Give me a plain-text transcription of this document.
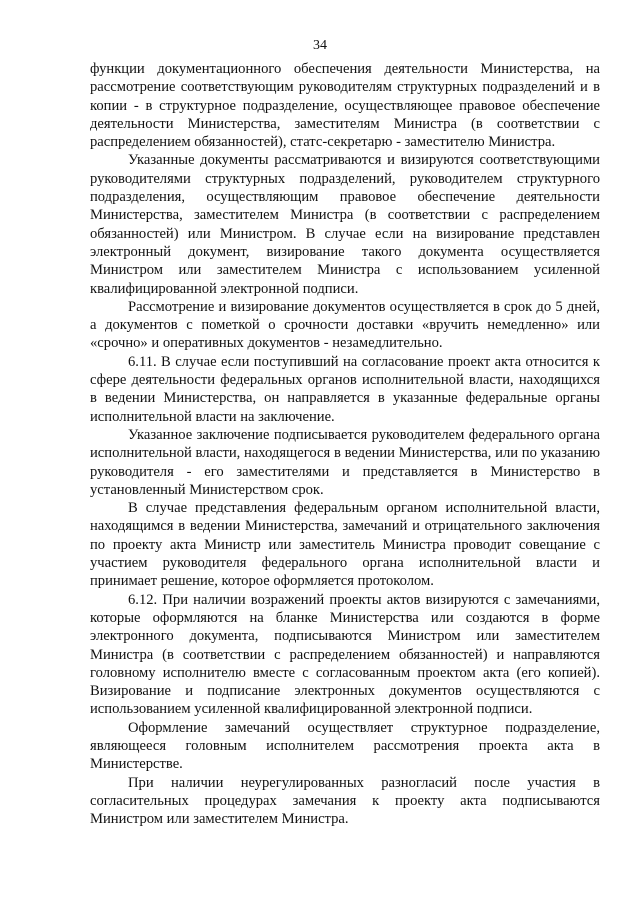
34

функции документационного обеспечения деятельности Министерства, на рассмотрение соответствующим руководителям структурных подразделений и в копии - в структурное подразделение, осуществляющее правовое обеспечение деятельности Министерства, заместителям Министра (в соответствии с распределением обязанностей), статс-секретарю - заместителю Министра.

Указанные документы рассматриваются и визируются соответствующими руководителями структурных подразделений, руководителем структурного подразделения, осуществляющим правовое обеспечение деятельности Министерства, заместителем Министра (в соответствии с распределением обязанностей) или Министром. В случае если на визирование представлен электронный документ, визирование такого документа осуществляется Министром или заместителем Министра с использованием усиленной квалифицированной электронной подписи.

Рассмотрение и визирование документов осуществляется в срок до 5 дней, а документов с пометкой о срочности доставки «вручить немедленно» или «срочно» и оперативных документов - незамедлительно.

6.11. В случае если поступивший на согласование проект акта относится к сфере деятельности федеральных органов исполнительной власти, находящихся в ведении Министерства, он направляется в указанные федеральные органы исполнительной власти на заключение.

Указанное заключение подписывается руководителем федерального органа исполнительной власти, находящегося в ведении Министерства, или по указанию руководителя - его заместителями и представляется в Министерство в установленный Министерством срок.

В случае представления федеральным органом исполнительной власти, находящимся в ведении Министерства, замечаний и отрицательного заключения по проекту акта Министр или заместитель Министра проводит совещание с участием руководителя федерального органа исполнительной власти и принимает решение, которое оформляется протоколом.

6.12. При наличии возражений проекты актов визируются с замечаниями, которые оформляются на бланке Министерства или создаются в форме электронного документа, подписываются Министром или заместителем Министра (в соответствии с распределением обязанностей) и направляются головному исполнителю вместе с согласованным проектом акта (его копией). Визирование и подписание электронных документов осуществляются с использованием усиленной квалифицированной электронной подписи.

Оформление замечаний осуществляет структурное подразделение, являющееся головным исполнителем рассмотрения проекта акта в Министерстве.

При наличии неурегулированных разногласий после участия в согласительных процедурах замечания к проекту акта подписываются Министром или заместителем Министра.
